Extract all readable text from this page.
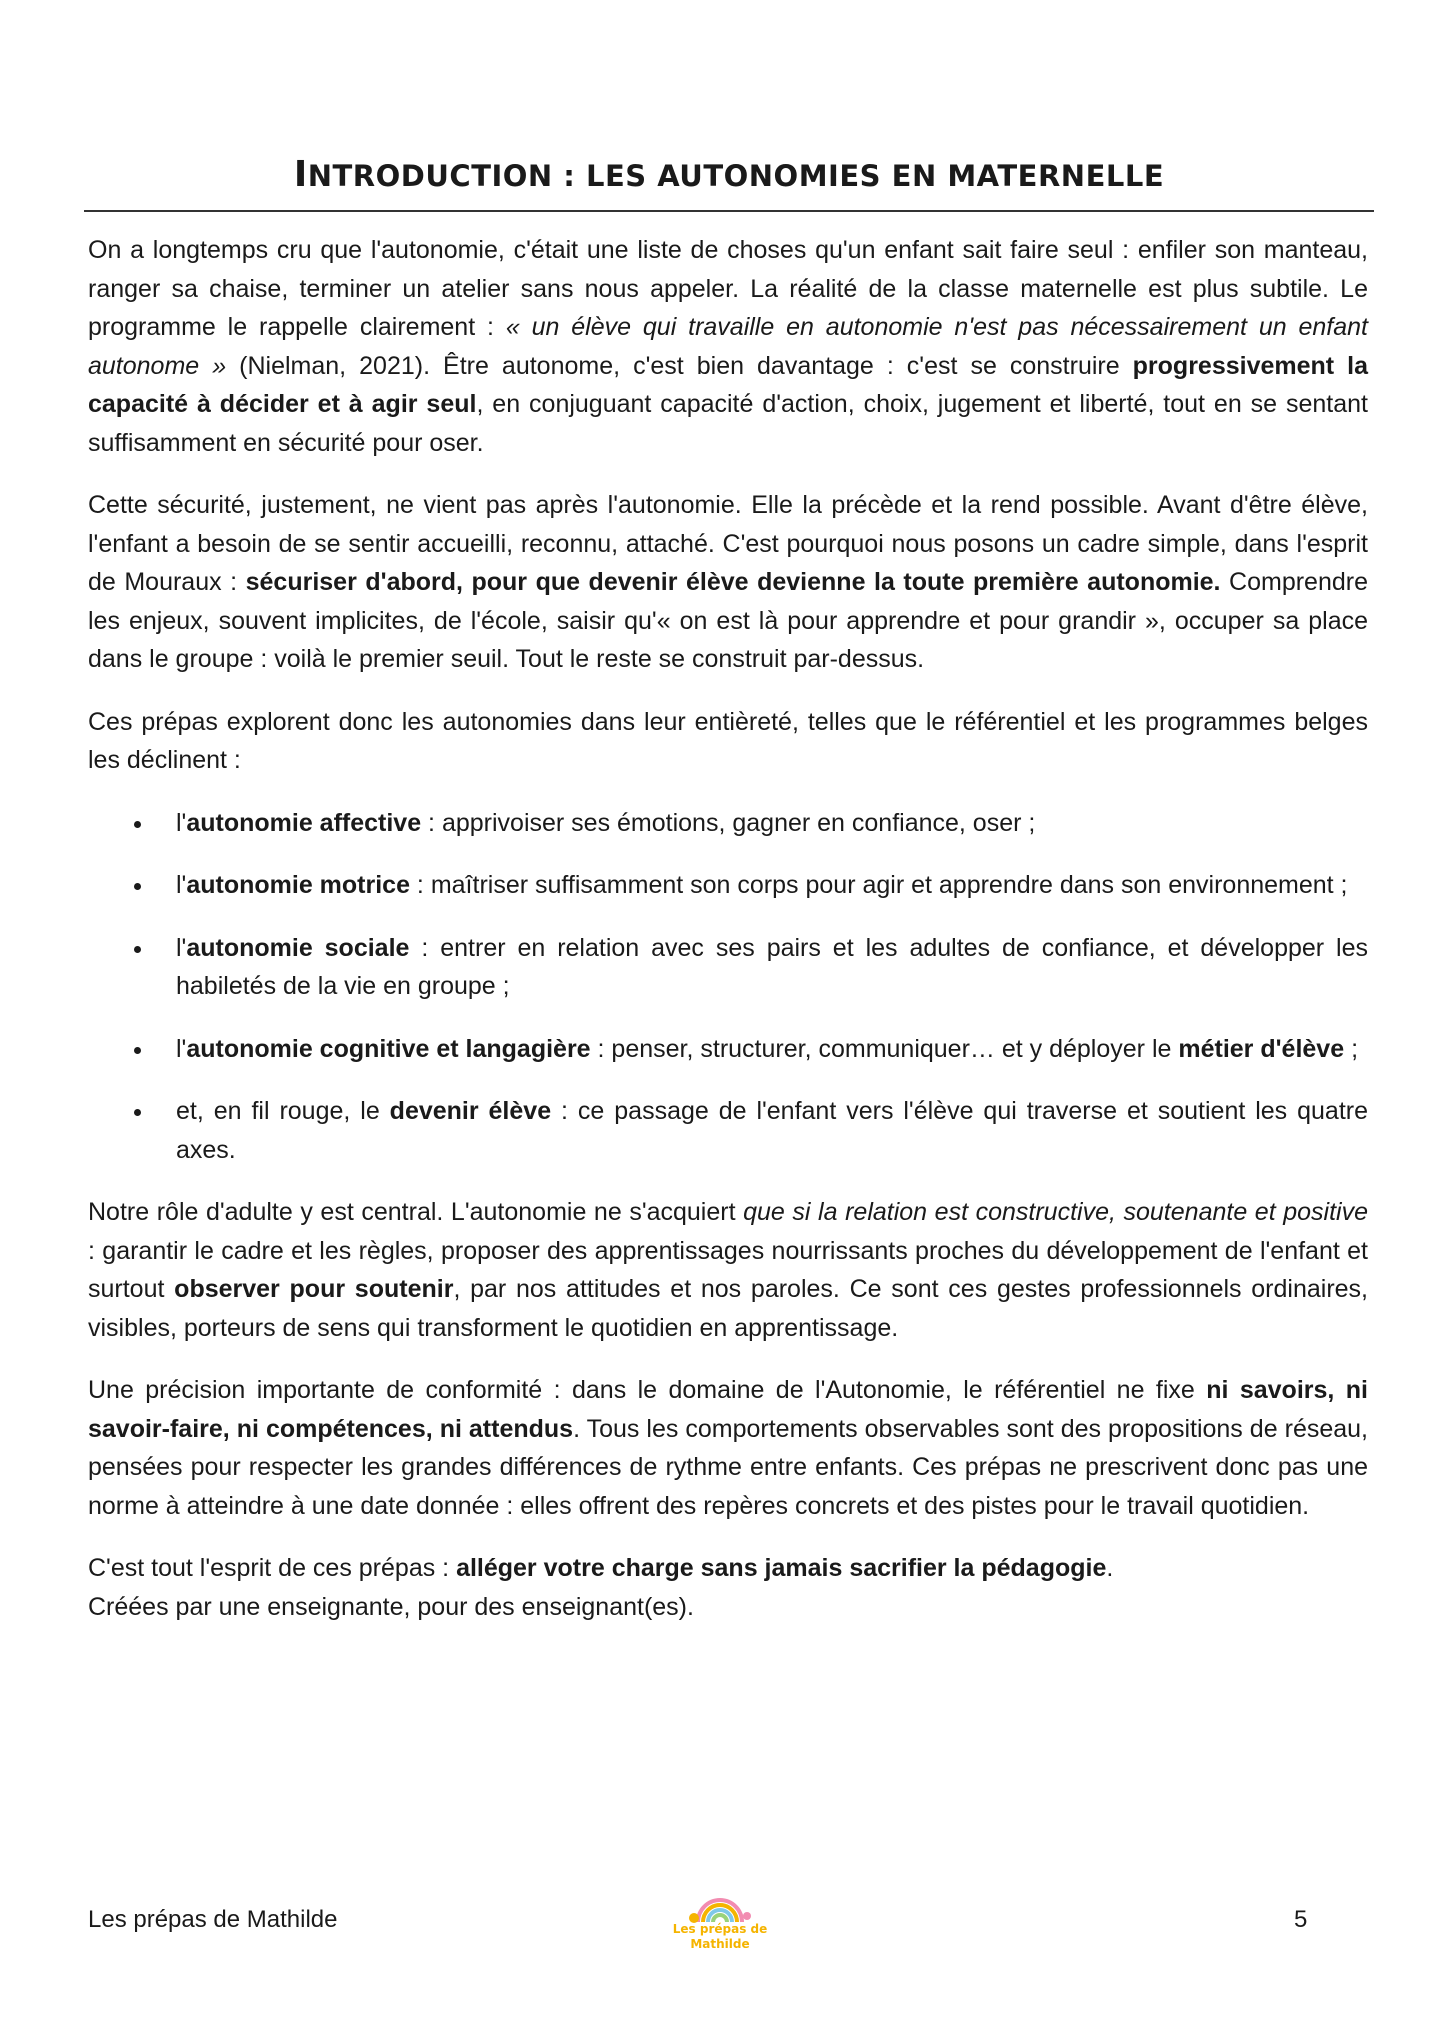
INTRODUCTION : LES AUTONOMIES EN MATERNELLE

On a longtemps cru que l'autonomie, c'était une liste de choses qu'un enfant sait faire seul : enfiler son manteau, ranger sa chaise, terminer un atelier sans nous appeler. La réalité de la classe maternelle est plus subtile. Le programme le rappelle clairement : « un élève qui travaille en autonomie n'est pas nécessairement un enfant autonome » (Nielman, 2021). Être autonome, c'est bien davantage : c'est se construire progressivement la capacité à décider et à agir seul, en conjuguant capacité d'action, choix, jugement et liberté, tout en se sentant suffisamment en sécurité pour oser.

Cette sécurité, justement, ne vient pas après l'autonomie. Elle la précède et la rend possible. Avant d'être élève, l'enfant a besoin de se sentir accueilli, reconnu, attaché. C'est pourquoi nous posons un cadre simple, dans l'esprit de Mouraux : sécuriser d'abord, pour que devenir élève devienne la toute première autonomie. Comprendre les enjeux, souvent implicites, de l'école, saisir qu'« on est là pour apprendre et pour grandir », occuper sa place dans le groupe : voilà le premier seuil. Tout le reste se construit par-dessus.

Ces prépas explorent donc les autonomies dans leur entièreté, telles que le référentiel et les programmes belges les déclinent :

l'autonomie affective : apprivoiser ses émotions, gagner en confiance, oser ;
l'autonomie motrice : maîtriser suffisamment son corps pour agir et apprendre dans son environnement ;
l'autonomie sociale : entrer en relation avec ses pairs et les adultes de confiance, et développer les habiletés de la vie en groupe ;
l'autonomie cognitive et langagière : penser, structurer, communiquer… et y déployer le métier d'élève ;
et, en fil rouge, le devenir élève : ce passage de l'enfant vers l'élève qui traverse et soutient les quatre axes.

Notre rôle d'adulte y est central. L'autonomie ne s'acquiert que si la relation est constructive, soutenante et positive : garantir le cadre et les règles, proposer des apprentissages nourrissants proches du développement de l'enfant et surtout observer pour soutenir, par nos attitudes et nos paroles. Ce sont ces gestes professionnels ordinaires, visibles, porteurs de sens qui transforment le quotidien en apprentissage.

Une précision importante de conformité : dans le domaine de l'Autonomie, le référentiel ne fixe ni savoirs, ni savoir-faire, ni compétences, ni attendus. Tous les comportements observables sont des propositions de réseau, pensées pour respecter les grandes différences de rythme entre enfants. Ces prépas ne prescrivent donc pas une norme à atteindre à une date donnée : elles offrent des repères concrets et des pistes pour le travail quotidien.

C'est tout l'esprit de ces prépas : alléger votre charge sans jamais sacrifier la pédagogie.
Créées par une enseignante, pour des enseignant(es).

Les prépas de Mathilde	Les prépas de
Mathilde
5
